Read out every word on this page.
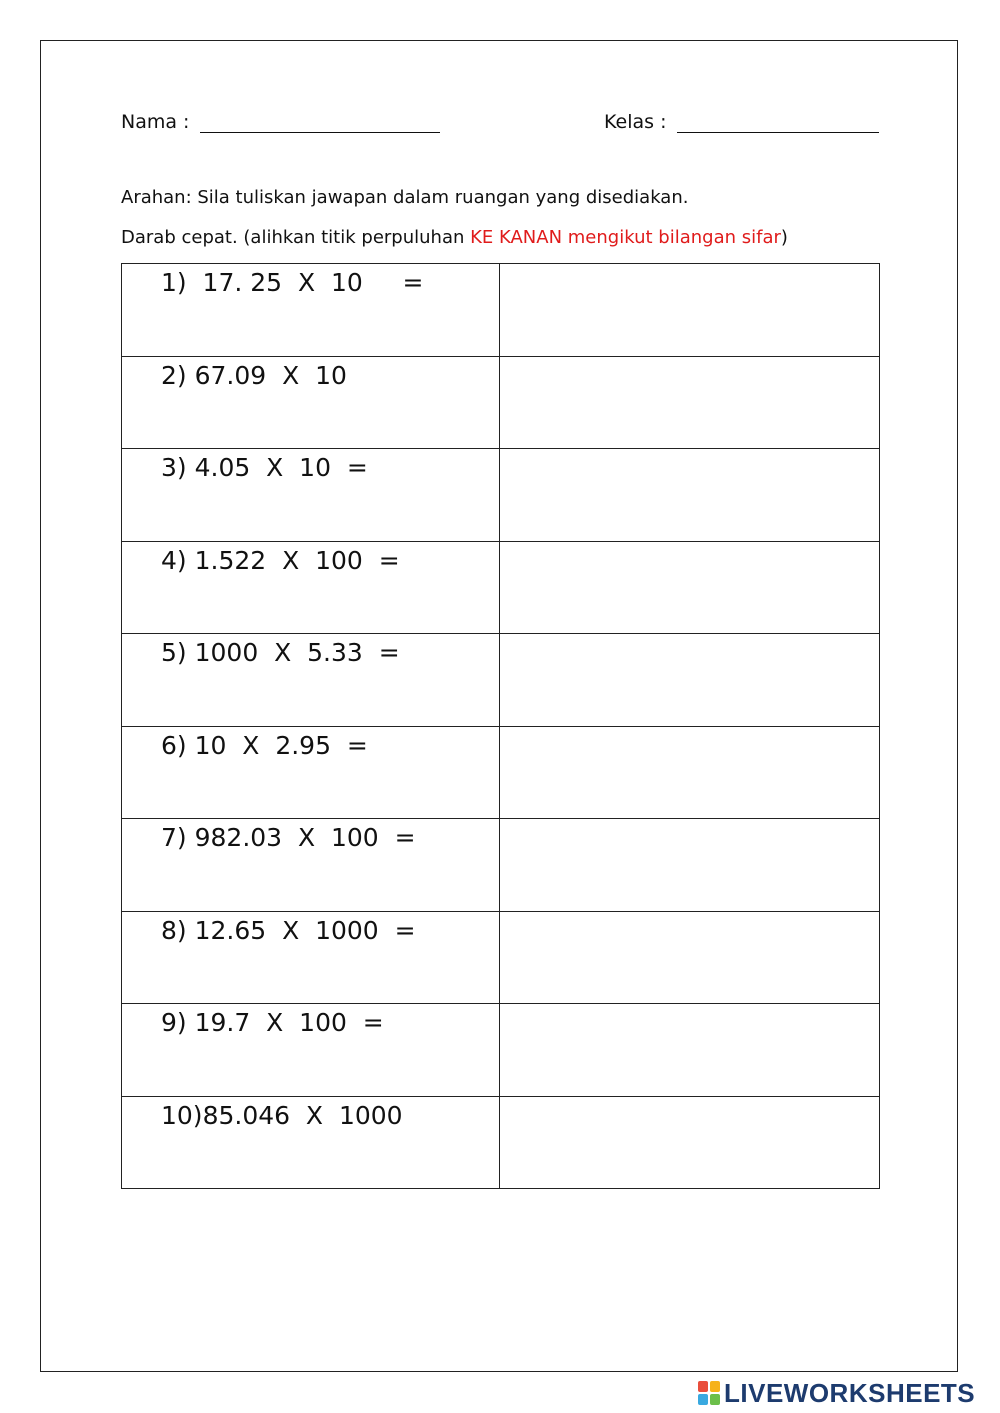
Nama :	Kelas :
Arahan: Sila tuliskan jawapan dalam ruangan yang disediakan.
Darab cepat. (alihkan titik perpuluhan KE KANAN mengikut bilangan sifar)
1)  17. 25  X  10     =	
2) 67.09  X  10	
3) 4.05  X  10  =	
4) 1.522  X  100  =	
5) 1000  X  5.33  =	
6) 10  X  2.95  =	
7) 982.03  X  100  =	
8) 12.65  X  1000  =	
9) 19.7  X  100  =	
10)85.046  X  1000	
LIVEWORKSHEETS
